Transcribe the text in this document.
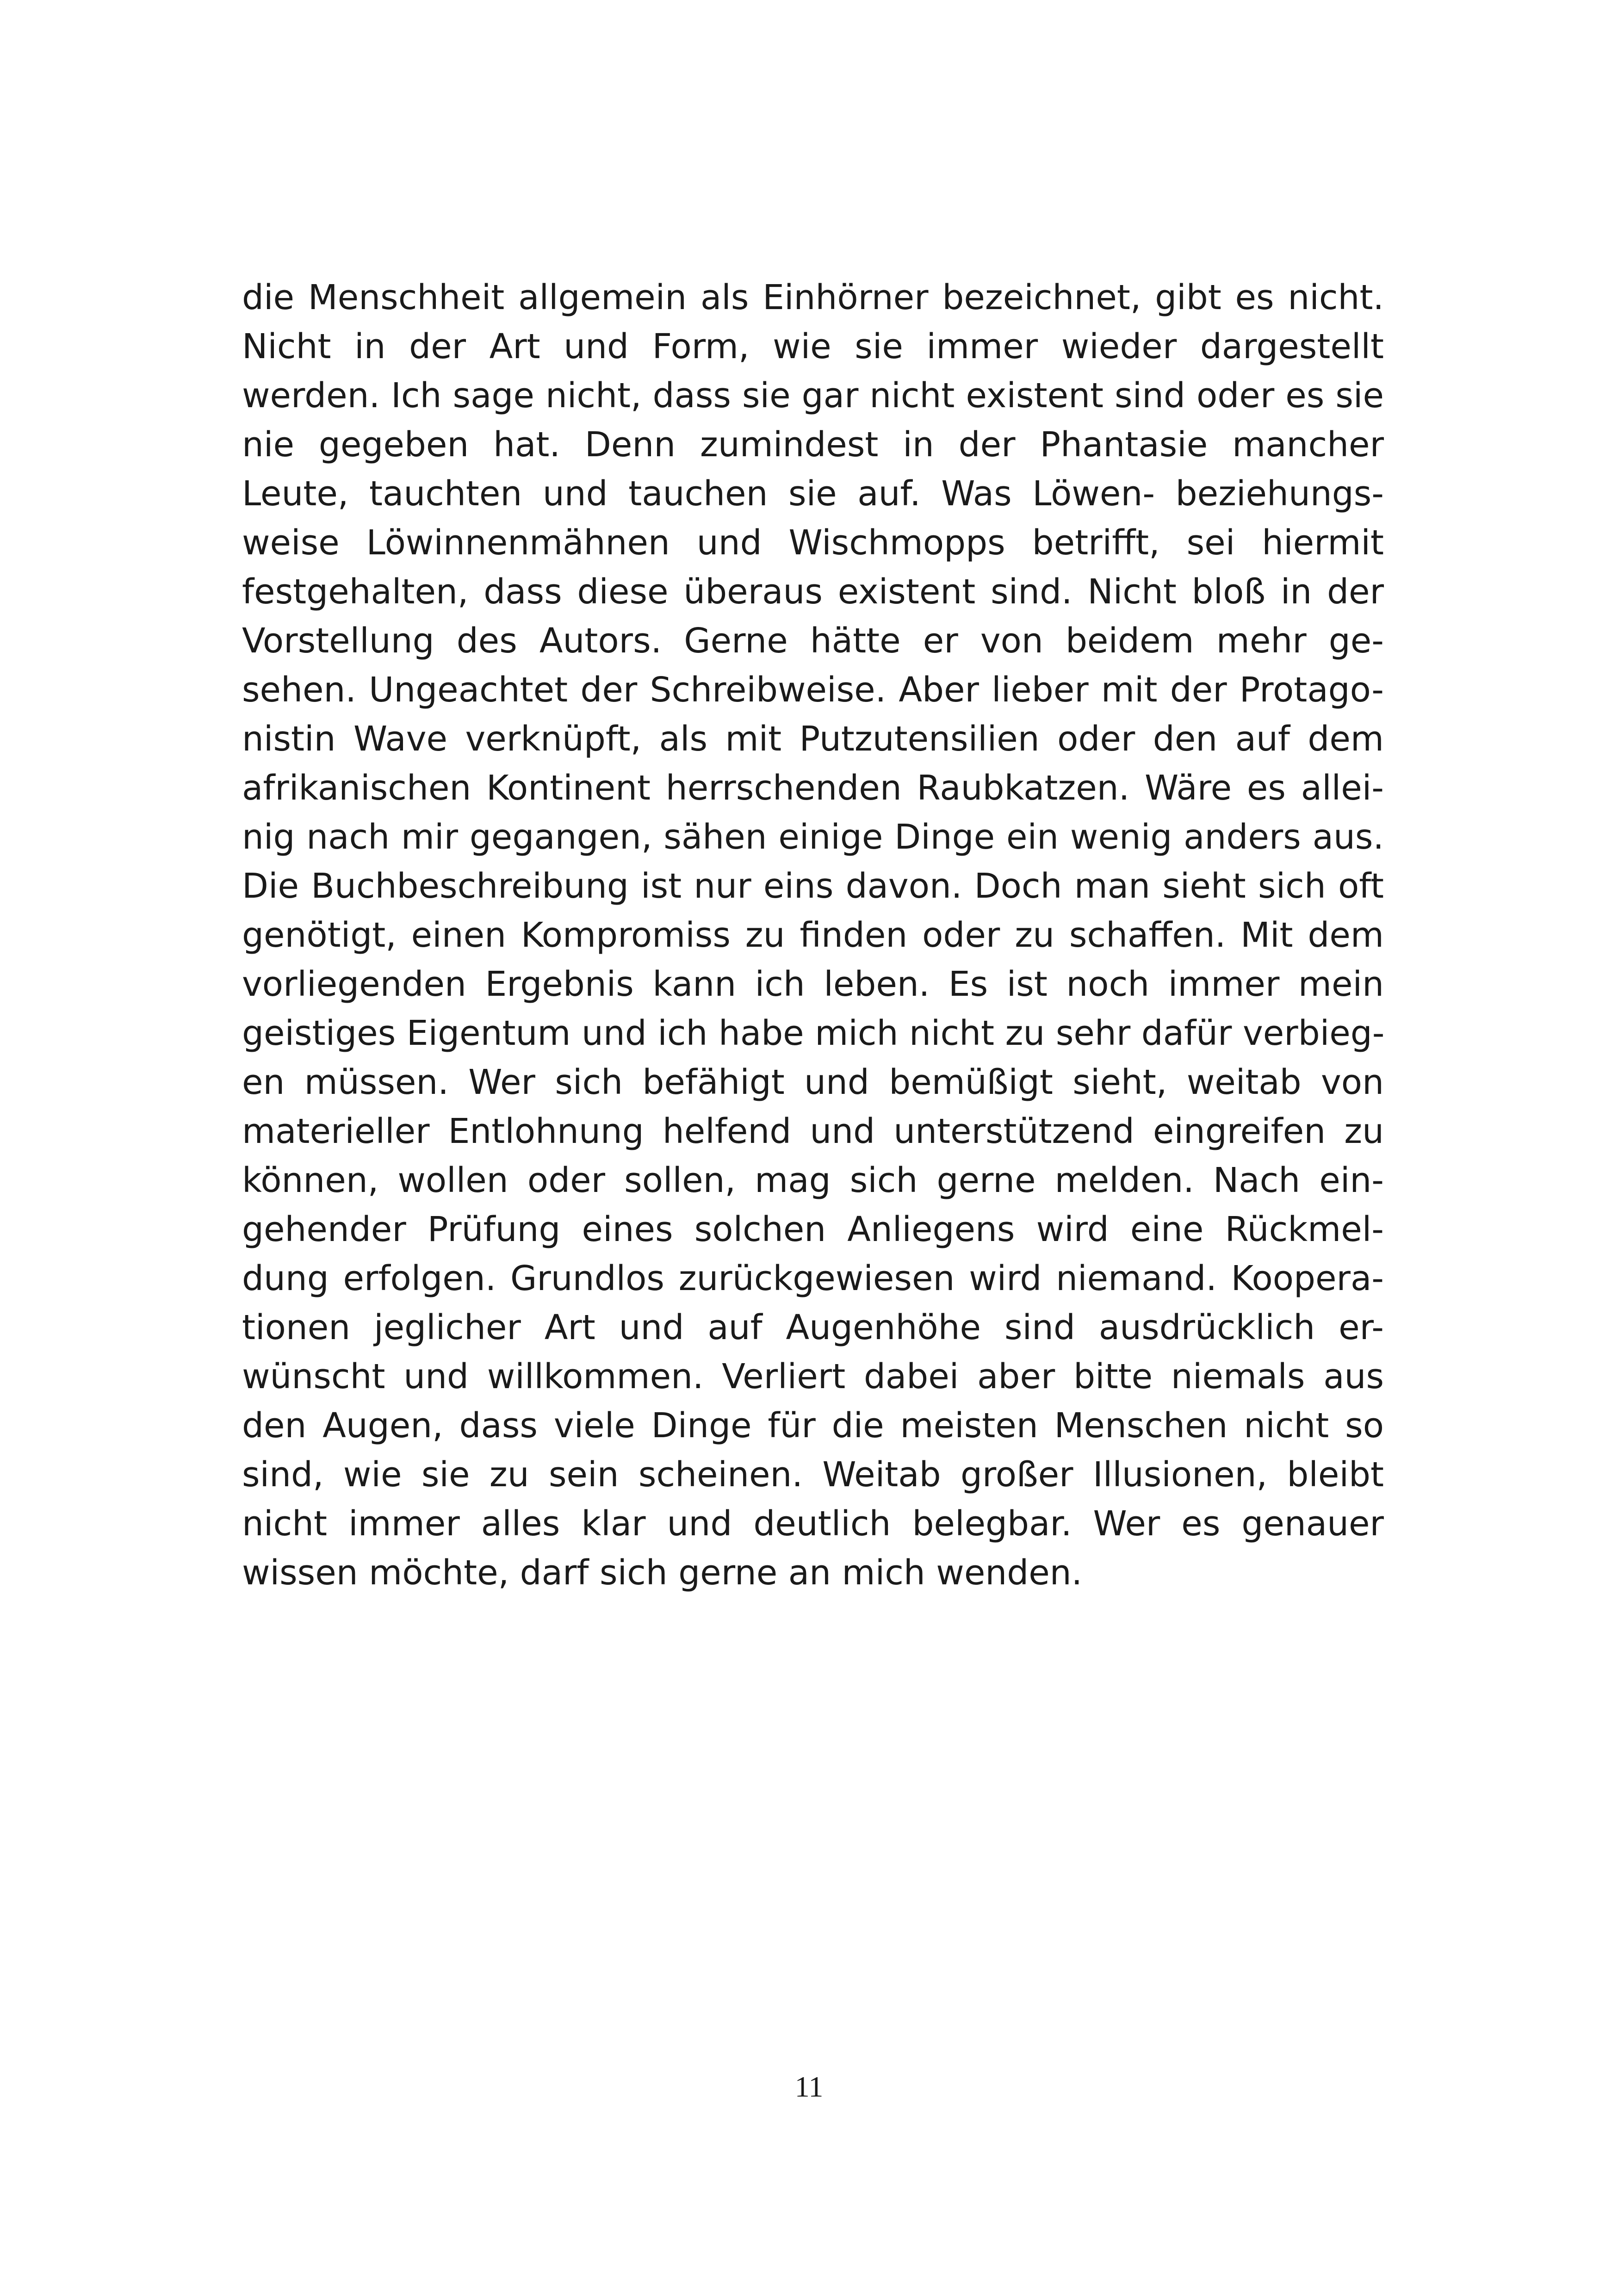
die Menschheit allgemein als Einhörner bezeichnet, gibt es nicht.
Nicht in der Art und Form, wie sie immer wieder dargestellt
werden. Ich sage nicht, dass sie gar nicht existent sind oder es sie
nie gegeben hat. Denn zumindest in der Phantasie mancher
Leute, tauchten und tauchen sie auf. Was Löwen- beziehungs-
weise Löwinnenmähnen und Wischmopps betrifft, sei hiermit
festgehalten, dass diese überaus existent sind. Nicht bloß in der
Vorstellung des Autors. Gerne hätte er von beidem mehr ge-
sehen. Ungeachtet der Schreibweise. Aber lieber mit der Protago-
nistin Wave verknüpft, als mit Putzutensilien oder den auf dem
afrikanischen Kontinent herrschenden Raubkatzen. Wäre es allei-
nig nach mir gegangen, sähen einige Dinge ein wenig anders aus.
Die Buchbeschreibung ist nur eins davon. Doch man sieht sich oft
genötigt, einen Kompromiss zu finden oder zu schaffen. Mit dem
vorliegenden Ergebnis kann ich leben. Es ist noch immer mein
geistiges Eigentum und ich habe mich nicht zu sehr dafür verbieg-
en müssen. Wer sich befähigt und bemüßigt sieht, weitab von
materieller Entlohnung helfend und unterstützend eingreifen zu
können, wollen oder sollen, mag sich gerne melden. Nach ein-
gehender Prüfung eines solchen Anliegens wird eine Rückmel-
dung erfolgen. Grundlos zurückgewiesen wird niemand. Koopera-
tionen jeglicher Art und auf Augenhöhe sind ausdrücklich er-
wünscht und willkommen. Verliert dabei aber bitte niemals aus
den Augen, dass viele Dinge für die meisten Menschen nicht so
sind, wie sie zu sein scheinen. Weitab großer Illusionen, bleibt
nicht immer alles klar und deutlich belegbar. Wer es genauer
wissen möchte, darf sich gerne an mich wenden.
11
